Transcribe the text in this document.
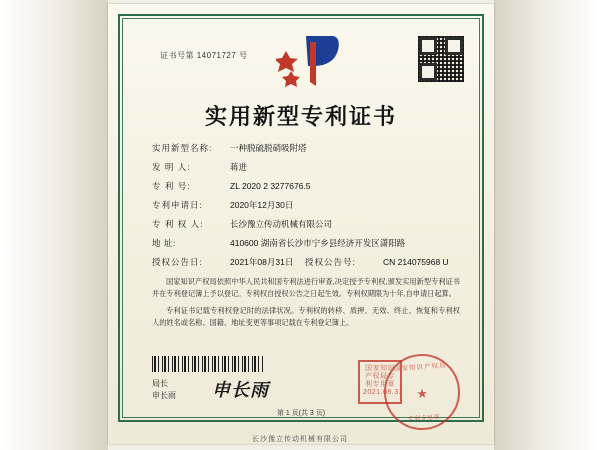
证书号第 14071727 号
实用新型专利证书
实用新型名称:	一种脱硫脱硝吸附塔
发 明 人:	蒋进
专 利 号:	ZL 2020 2 3277676.5
专利申请日:	2020年12月30日
专 利 权 人:	长沙豫立传动机械有限公司
地 址:	410600 湖南省长沙市宁乡县经济开发区潇阳路
授权公告日:	2021年08月31日	授权公告号:	CN 214075968 U

国家知识产权局依照中华人民共和国专利法进行审查,决定授予专利权,颁发实用新型专利证书并在专利登记簿上予以登记。专利权自授权公告之日起生效。专利权期限为十年,自申请日起算。

专利证书记载专利权登记时的法律状况。专利权的转移、质押、无效、终止、恢复和专利权人的姓名或名称、国籍、地址变更等事项记载在专利登记簿上。

局长
申长雨 申长雨
国家知识产权局专利专用章 2021.08.31
国家知识产权局
★
专利专用章
第 1 页(共 3 页)
长沙豫立传动机械有限公司
